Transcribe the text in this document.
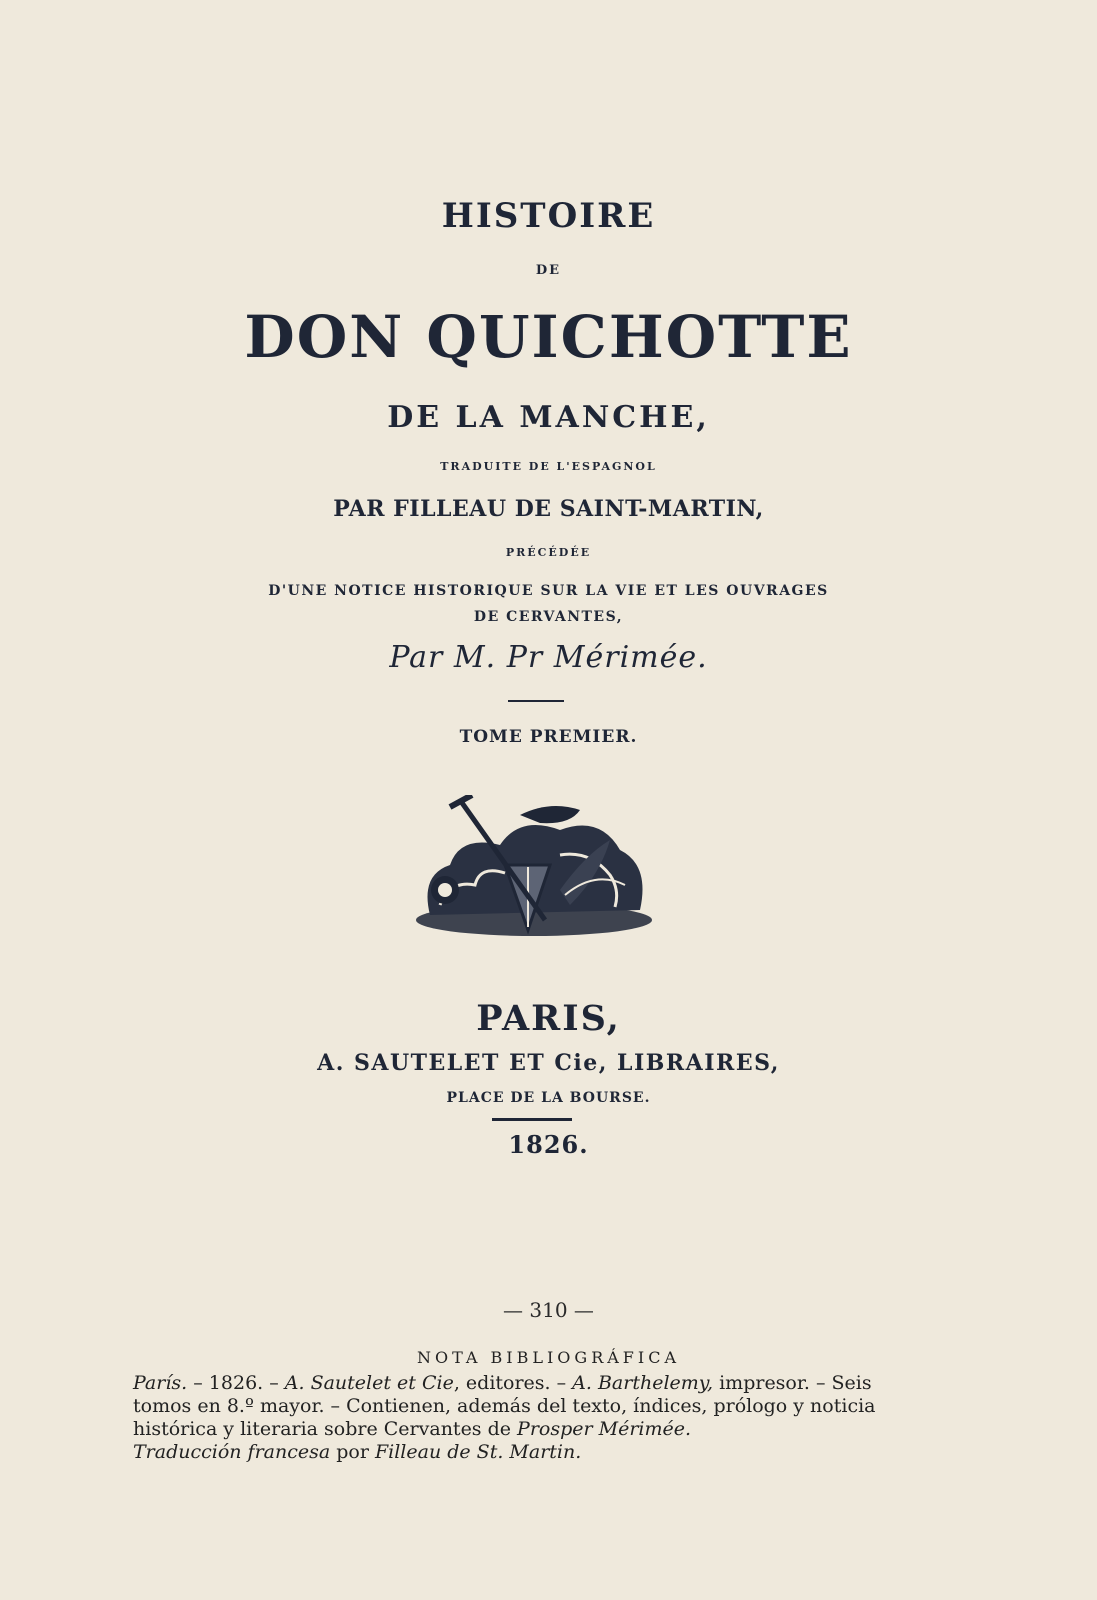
HISTOIRE

DE

DON QUICHOTTE

DE LA MANCHE,

TRADUITE DE L'ESPAGNOL

PAR FILLEAU DE SAINT-MARTIN,

PRÉCÉDÉE

D'UNE NOTICE HISTORIQUE SUR LA VIE ET LES OUVRAGES
DE CERVANTES,

Par M. Pr Mérimée.

TOME PREMIER.

PARIS,

A. SAUTELET ET Cie, LIBRAIRES,

PLACE DE LA BOURSE.

1826.

— 310 —

NOTA BIBLIOGRÁFICA

París. – 1826. – A. Sautelet et Cie, editores. – A. Barthelemy, impresor. – Seis tomos en 8.º mayor. – Contienen, además del texto, índices, prólogo y noticia histórica y literaria sobre Cervantes de Prosper Mérimée.

Traducción francesa por Filleau de St. Martin.
